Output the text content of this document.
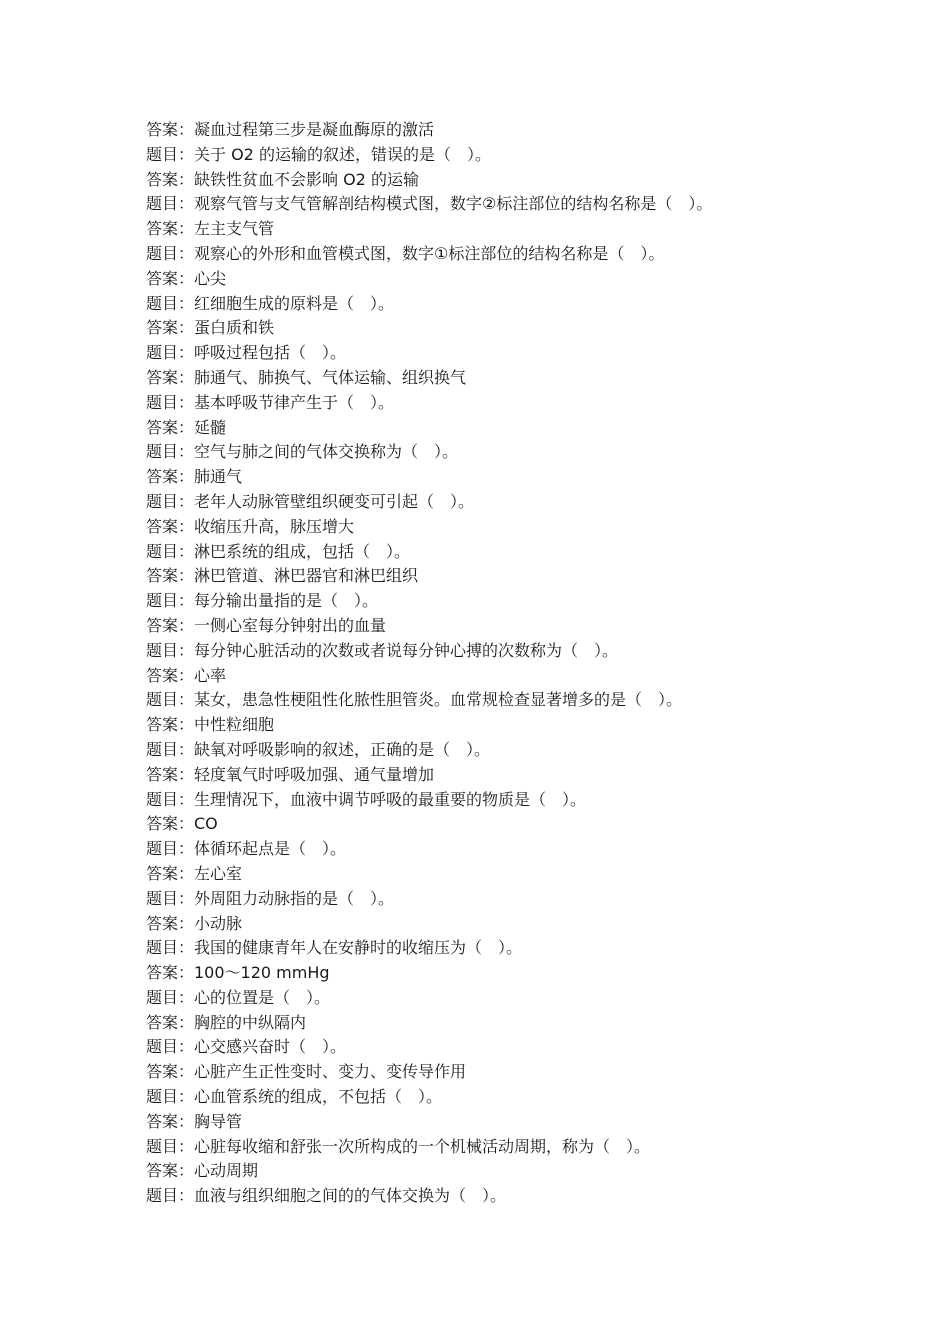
答案：凝血过程第三步是凝血酶原的激活
题目：关于 O2 的运输的叙述，错误的是（　）。
答案：缺铁性贫血不会影响 O2 的运输
题目：观察气管与支气管解剖结构模式图，数字②标注部位的结构名称是（　）。
答案：左主支气管
题目：观察心的外形和血管模式图，数字①标注部位的结构名称是（　）。
答案：心尖
题目：红细胞生成的原料是（　）。
答案：蛋白质和铁
题目：呼吸过程包括（　）。
答案：肺通气、肺换气、气体运输、组织换气
题目：基本呼吸节律产生于（　）。
答案：延髓
题目：空气与肺之间的气体交换称为（　）。
答案：肺通气
题目：老年人动脉管壁组织硬变可引起（　）。
答案：收缩压升高，脉压增大
题目：淋巴系统的组成，包括（　）。
答案：淋巴管道、淋巴器官和淋巴组织
题目：每分输出量指的是（　）。
答案：一侧心室每分钟射出的血量
题目：每分钟心脏活动的次数或者说每分钟心搏的次数称为（　）。
答案：心率
题目：某女，患急性梗阻性化脓性胆管炎。血常规检查显著增多的是（　）。
答案：中性粒细胞
题目：缺氧对呼吸影响的叙述，正确的是（　）。
答案：轻度氧气时呼吸加强、通气量增加
题目：生理情况下，血液中调节呼吸的最重要的物质是（　）。
答案：CO
题目：体循环起点是（　）。
答案：左心室
题目：外周阻力动脉指的是（　）。
答案：小动脉
题目：我国的健康青年人在安静时的收缩压为（　）。
答案：100～120 mmHg
题目：心的位置是（　）。
答案：胸腔的中纵隔内
题目：心交感兴奋时（　）。
答案：心脏产生正性变时、变力、变传导作用
题目：心血管系统的组成，不包括（　）。
答案：胸导管
题目：心脏每收缩和舒张一次所构成的一个机械活动周期，称为（　）。
答案：心动周期
题目：血液与组织细胞之间的的气体交换为（　）。
